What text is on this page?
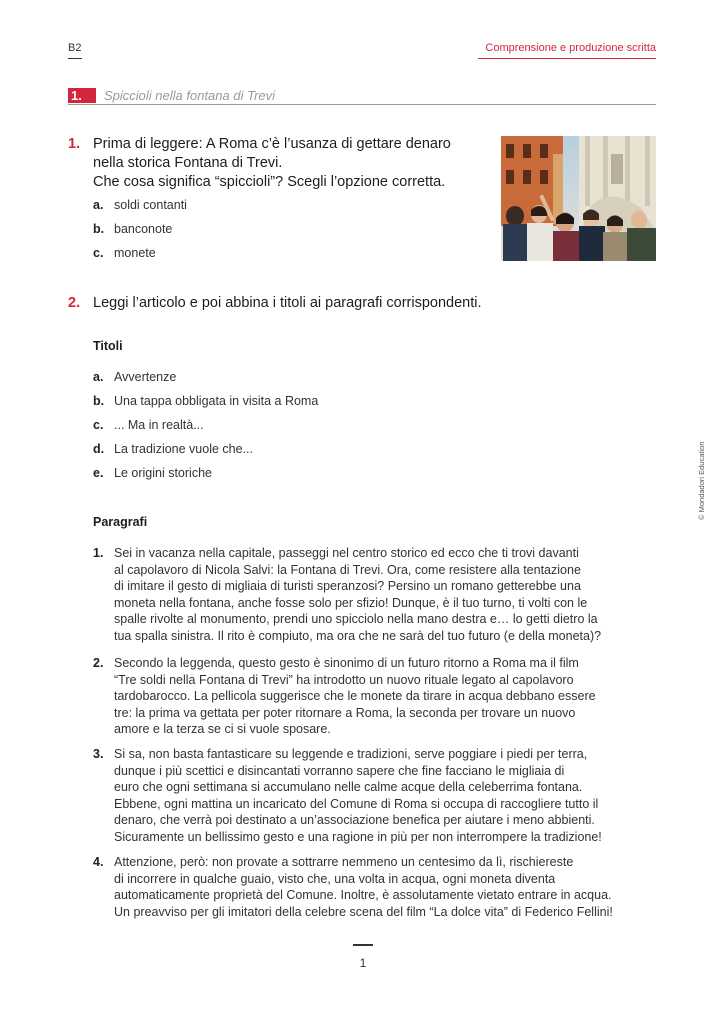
B2	Comprensione e produzione scritta
1.	Spiccioli nella fontana di Trevi
1. Prima di leggere: A Roma c’è l’usanza di gettare denaro
nella storica Fontana di Trevi.
Che cosa significa “spiccioli”? Scegli l’opzione corretta.
a. soldi contanti
b. banconote
c. monete
2. Leggi l’articolo e poi abbina i titoli ai paragrafi corrispondenti.
Titoli
a. Avvertenze
b. Una tappa obbligata in visita a Roma
c. ... Ma in realtà...
d. La tradizione vuole che...
e. Le origini storiche
Paragrafi
1. Sei in vacanza nella capitale, passeggi nel centro storico ed ecco che ti trovi davanti
al capolavoro di Nicola Salvi: la Fontana di Trevi. Ora, come resistere alla tentazione
di imitare il gesto di migliaia di turisti speranzosi? Persino un romano getterebbe una
moneta nella fontana, anche fosse solo per sfizio! Dunque, è il tuo turno, ti volti con le
spalle rivolte al monumento, prendi uno spicciolo nella mano destra e… lo getti dietro la
tua spalla sinistra. Il rito è compiuto, ma ora che ne sarà del tuo futuro (e della moneta)?
2. Secondo la leggenda, questo gesto è sinonimo di un futuro ritorno a Roma ma il film
“Tre soldi nella Fontana di Trevi” ha introdotto un nuovo rituale legato al capolavoro
tardobarocco. La pellicola suggerisce che le monete da tirare in acqua debbano essere
tre: la prima va gettata per poter ritornare a Roma, la seconda per trovare un nuovo
amore e la terza se ci si vuole sposare.
3. Si sa, non basta fantasticare su leggende e tradizioni, serve poggiare i piedi per terra,
dunque i più scettici e disincantati vorranno sapere che fine facciano le migliaia di
euro che ogni settimana si accumulano nelle calme acque della celeberrima fontana.
Ebbene, ogni mattina un incaricato del Comune di Roma si occupa di raccogliere tutto il
denaro, che verrà poi destinato a un’associazione benefica per aiutare i meno abbienti.
Sicuramente un bellissimo gesto e una ragione in più per non interrompere la tradizione!
4. Attenzione, però: non provate a sottrarre nemmeno un centesimo da lì, rischiereste
di incorrere in qualche guaio, visto che, una volta in acqua, ogni moneta diventa
automaticamente proprietà del Comune. Inoltre, è assolutamente vietato entrare in acqua.
Un preavviso per gli imitatori della celebre scena del film “La dolce vita” di Federico Fellini!
© Mondadori Education
1
